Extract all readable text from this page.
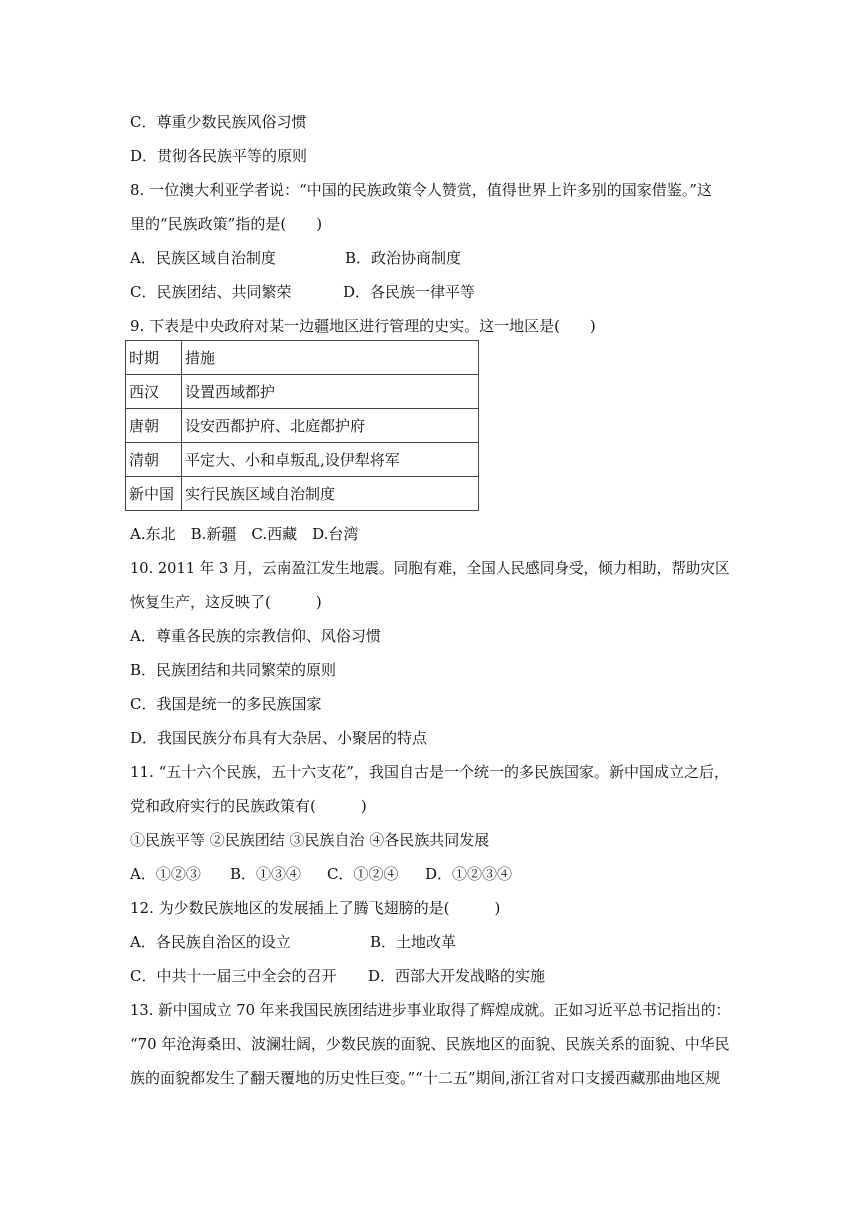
C．尊重少数民族风俗习惯
D．贯彻各民族平等的原则
8. 一位澳大利亚学者说：“中国的民族政策令人赞赏，值得世界上许多别的国家借鉴。”这
里的“民族政策”指的是(　　)
A．民族区域自治制度	B．政治协商制度
C．民族团结、共同繁荣	D．各民族一律平等
9. 下表是中央政府对某一边疆地区进行管理的史实。这一地区是(　　)
时期	措施
西汉	设置西域都护
唐朝	设安西都护府、北庭都护府
清朝	平定大、小和卓叛乱,设伊犁将军
新中国	实行民族区域自治制度
A.东北　B.新疆　C.西藏　D.台湾
10. 2011 年 3 月，云南盈江发生地震。同胞有难，全国人民感同身受，倾力相助，帮助灾区
恢复生产，这反映了(　　　)
A．尊重各民族的宗教信仰、风俗习惯
B．民族团结和共同繁荣的原则
C．我国是统一的多民族国家
D．我国民族分布具有大杂居、小聚居的特点
11. “五十六个民族，五十六支花”，我国自古是一个统一的多民族国家。新中国成立之后，
党和政府实行的民族政策有(　　　)
①民族平等 ②民族团结 ③民族自治 ④各民族共同发展
A．①②③ B．①③④ C．①②④ D．①②③④
12. 为少数民族地区的发展插上了腾飞翅膀的是(　　　)
A．各民族自治区的设立	B．土地改革
C．中共十一届三中全会的召开 D．西部大开发战略的实施
13. 新中国成立 70 年来我国民族团结进步事业取得了辉煌成就。正如习近平总书记指出的：
“70 年沧海桑田、波澜壮阔，少数民族的面貌、民族地区的面貌、民族关系的面貌、中华民
族的面貌都发生了翻天覆地的历史性巨变。”“十二五”期间,浙江省对口支援西藏那曲地区规
